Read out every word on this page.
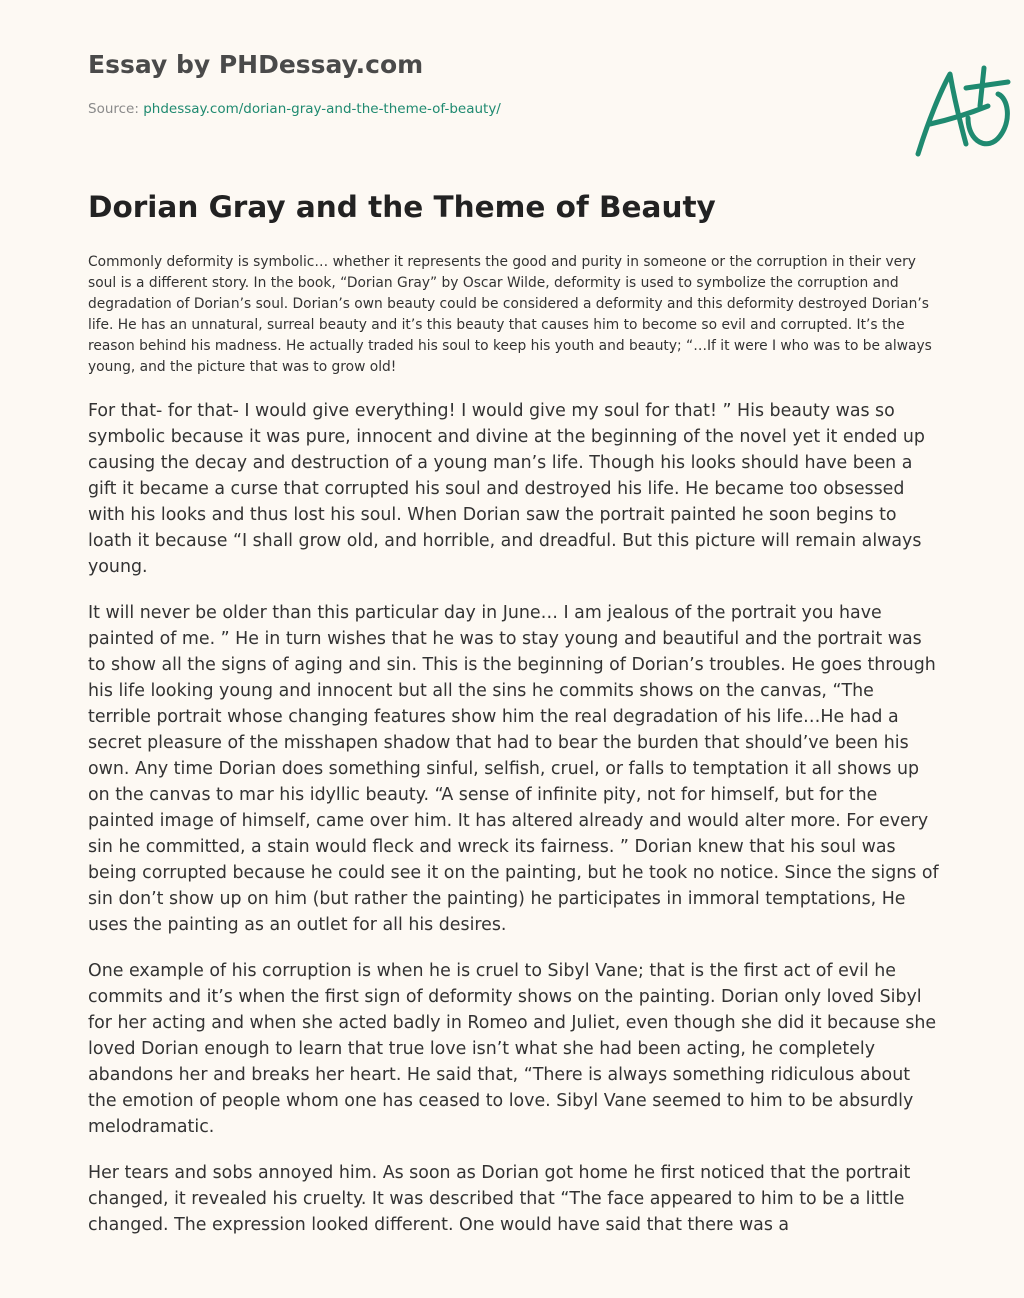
Essay by PHDessay.com
Source: phdessay.com/dorian-gray-and-the-theme-of-beauty/
Dorian Gray and the Theme of Beauty

Commonly deformity is symbolic… whether it represents the good and purity in someone or the corruption in their very soul is a different story. In the book, “Dorian Gray” by Oscar Wilde, deformity is used to symbolize the corruption and degradation of Dorian’s soul. Dorian’s own beauty could be considered a deformity and this deformity destroyed Dorian’s life. He has an unnatural, surreal beauty and it’s this beauty that causes him to become so evil and corrupted. It’s the reason behind his madness. He actually traded his soul to keep his youth and beauty; “…If it were I who was to be always young, and the picture that was to grow old!

For that- for that- I would give everything! I would give my soul for that! ” His beauty was so symbolic because it was pure, innocent and divine at the beginning of the novel yet it ended up causing the decay and destruction of a young man’s life. Though his looks should have been a gift it became a curse that corrupted his soul and destroyed his life. He became too obsessed with his looks and thus lost his soul. When Dorian saw the portrait painted he soon begins to loath it because “I shall grow old, and horrible, and dreadful. But this picture will remain always young.

It will never be older than this particular day in June… I am jealous of the portrait you have painted of me. ” He in turn wishes that he was to stay young and beautiful and the portrait was to show all the signs of aging and sin. This is the beginning of Dorian’s troubles. He goes through his life looking young and innocent but all the sins he commits shows on the canvas, “The terrible portrait whose changing features show him the real degradation of his life…He had a secret pleasure of the misshapen shadow that had to bear the burden that should’ve been his own. Any time Dorian does something sinful, selfish, cruel, or falls to temptation it all shows up on the canvas to mar his idyllic beauty. “A sense of infinite pity, not for himself, but for the painted image of himself, came over him. It has altered already and would alter more. For every sin he committed, a stain would fleck and wreck its fairness. ” Dorian knew that his soul was being corrupted because he could see it on the painting, but he took no notice. Since the signs of sin don’t show up on him (but rather the painting) he participates in immoral temptations, He uses the painting as an outlet for all his desires.

One example of his corruption is when he is cruel to Sibyl Vane; that is the first act of evil he commits and it’s when the first sign of deformity shows on the painting. Dorian only loved Sibyl for her acting and when she acted badly in Romeo and Juliet, even though she did it because she loved Dorian enough to learn that true love isn’t what she had been acting, he completely abandons her and breaks her heart. He said that, “There is always something ridiculous about the emotion of people whom one has ceased to love. Sibyl Vane seemed to him to be absurdly melodramatic.

Her tears and sobs annoyed him. As soon as Dorian got home he first noticed that the portrait changed, it revealed his cruelty. It was described that “The face appeared to him to be a little changed. The expression looked different. One would have said that there was a
